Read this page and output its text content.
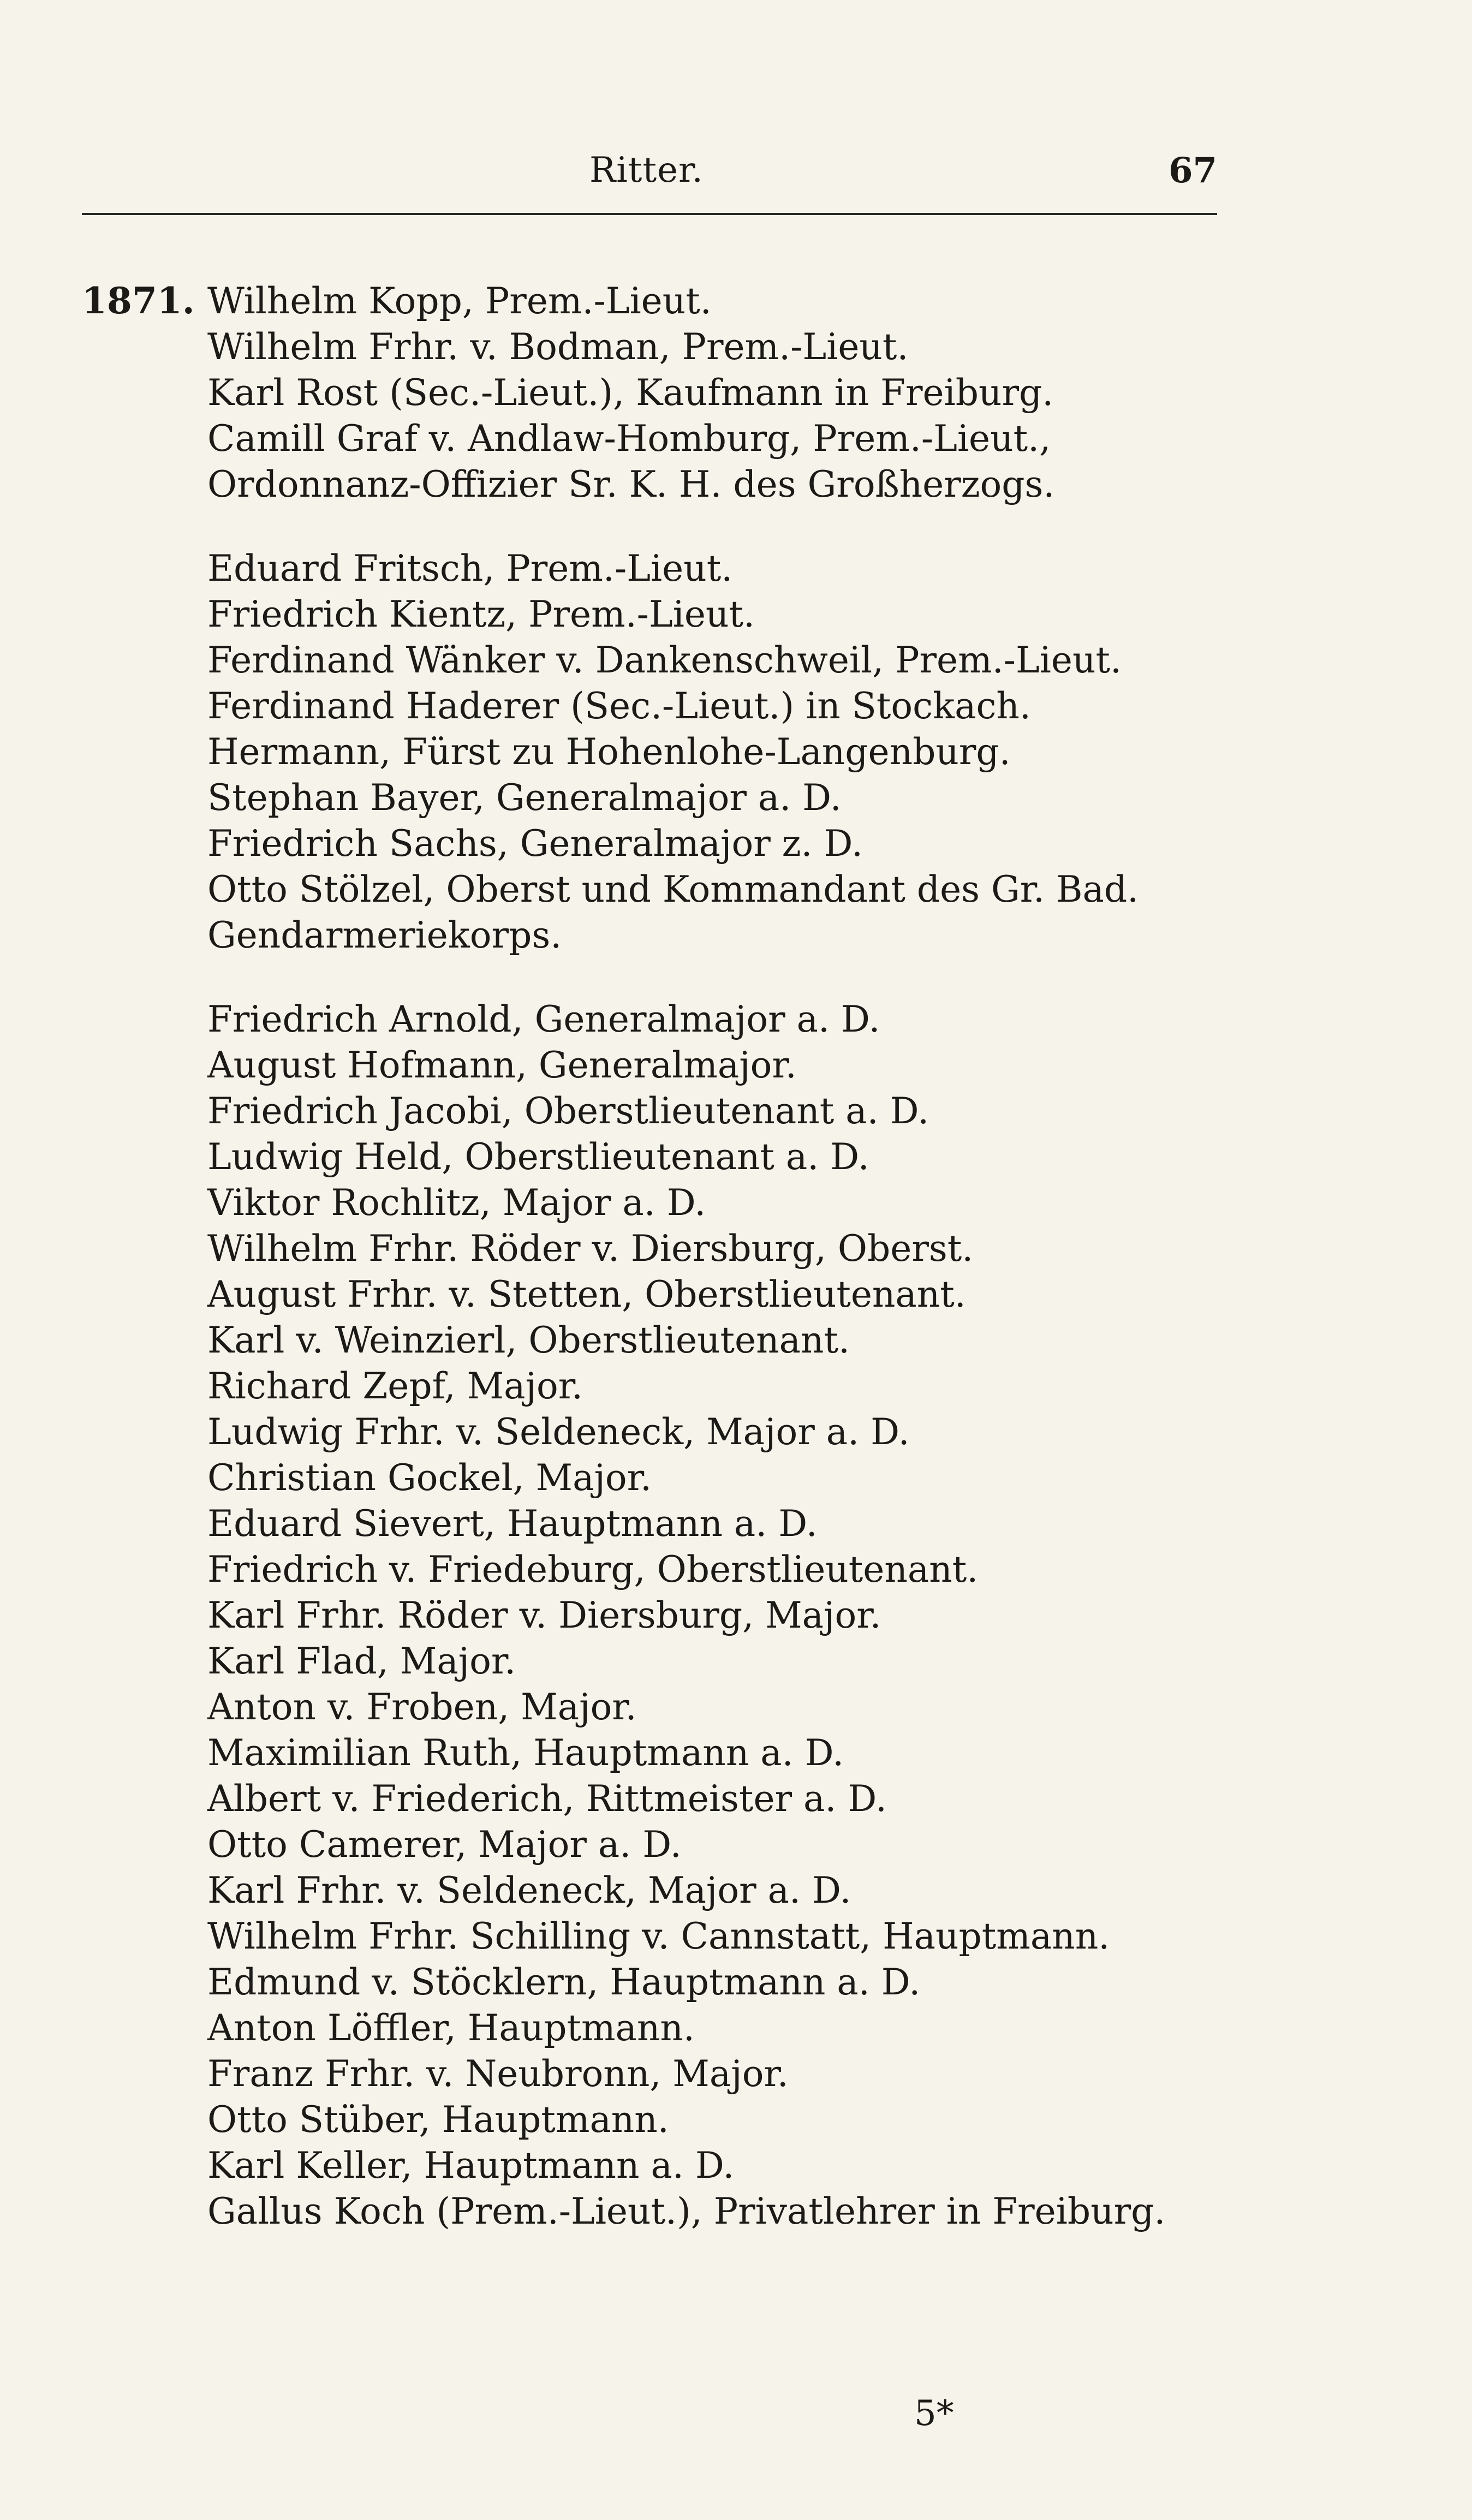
Ritter.	67
1871. Wilhelm Kopp, Prem.-Lieut.
Wilhelm Frhr. v. Bodman, Prem.-Lieut.
Karl Rost (Sec.-Lieut.), Kaufmann in Freiburg.
Camill Graf v. Andlaw-Homburg, Prem.-Lieut.,
Ordonnanz-Offizier Sr. K. H. des Großherzogs.
Eduard Fritsch, Prem.-Lieut.
Friedrich Kientz, Prem.-Lieut.
Ferdinand Wänker v. Dankenschweil, Prem.-Lieut.
Ferdinand Haderer (Sec.-Lieut.) in Stockach.
Hermann, Fürst zu Hohenlohe-Langenburg.
Stephan Bayer, Generalmajor a. D.
Friedrich Sachs, Generalmajor z. D.
Otto Stölzel, Oberst und Kommandant des Gr. Bad.
Gendarmeriekorps.
Friedrich Arnold, Generalmajor a. D.
August Hofmann, Generalmajor.
Friedrich Jacobi, Oberstlieutenant a. D.
Ludwig Held, Oberstlieutenant a. D.
Viktor Rochlitz, Major a. D.
Wilhelm Frhr. Röder v. Diersburg, Oberst.
August Frhr. v. Stetten, Oberstlieutenant.
Karl v. Weinzierl, Oberstlieutenant.
Richard Zepf, Major.
Ludwig Frhr. v. Seldeneck, Major a. D.
Christian Gockel, Major.
Eduard Sievert, Hauptmann a. D.
Friedrich v. Friedeburg, Oberstlieutenant.
Karl Frhr. Röder v. Diersburg, Major.
Karl Flad, Major.
Anton v. Froben, Major.
Maximilian Ruth, Hauptmann a. D.
Albert v. Friederich, Rittmeister a. D.
Otto Camerer, Major a. D.
Karl Frhr. v. Seldeneck, Major a. D.
Wilhelm Frhr. Schilling v. Cannstatt, Hauptmann.
Edmund v. Stöcklern, Hauptmann a. D.
Anton Löffler, Hauptmann.
Franz Frhr. v. Neubronn, Major.
Otto Stüber, Hauptmann.
Karl Keller, Hauptmann a. D.
Gallus Koch (Prem.-Lieut.), Privatlehrer in Freiburg.
5*
